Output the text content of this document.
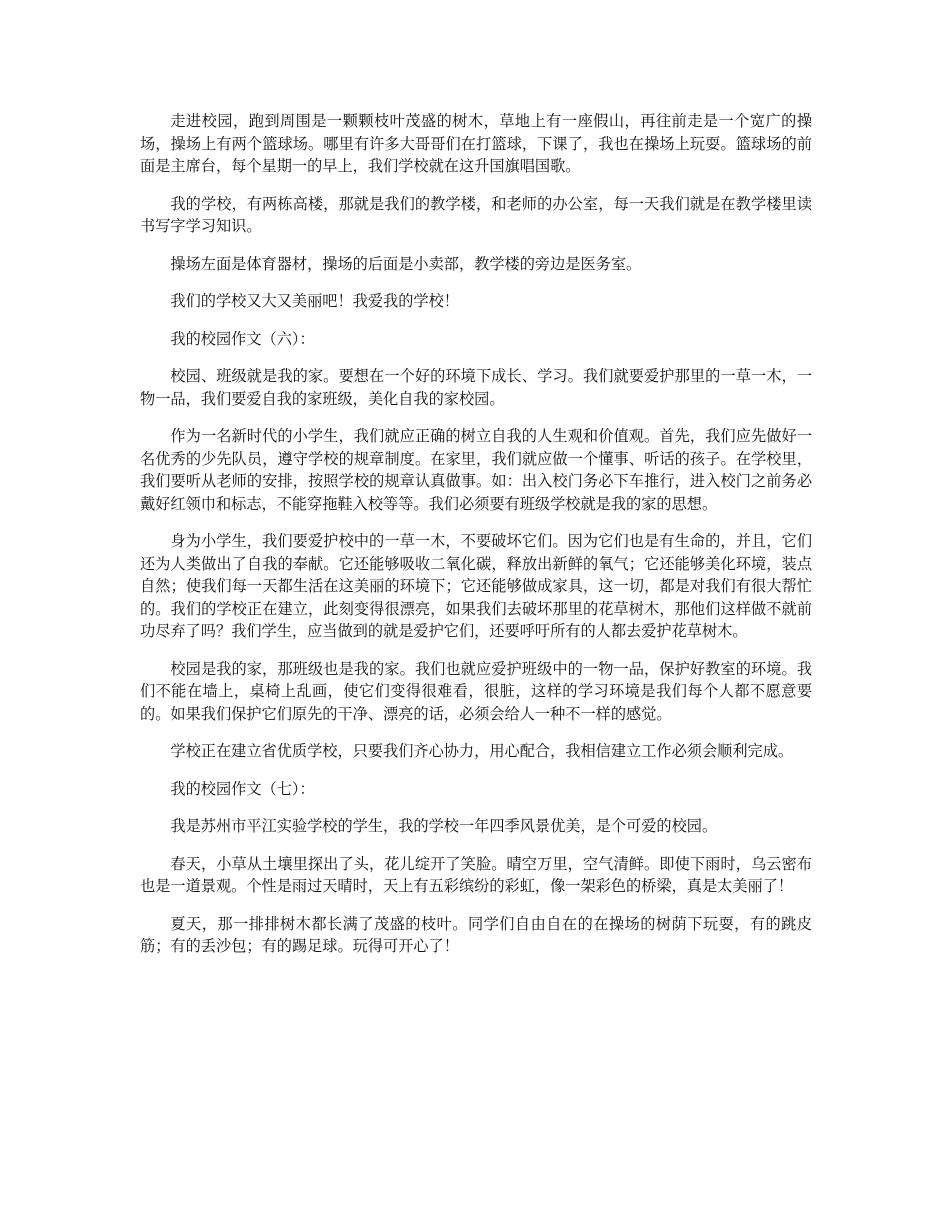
走进校园，跑到周围是一颗颗枝叶茂盛的树木，草地上有一座假山，再往前走是一个宽广的操场，操场上有两个篮球场。哪里有许多大哥哥们在打篮球，下课了，我也在操场上玩耍。篮球场的前面是主席台，每个星期一的早上，我们学校就在这升国旗唱国歌。

我的学校，有两栋高楼，那就是我们的教学楼，和老师的办公室，每一天我们就是在教学楼里读书写字学习知识。

操场左面是体育器材，操场的后面是小卖部，教学楼的旁边是医务室。

我们的学校又大又美丽吧！我爱我的学校！

我的校园作文（六）：

校园、班级就是我的家。要想在一个好的环境下成长、学习。我们就要爱护那里的一草一木，一物一品，我们要爱自我的家班级，美化自我的家校园。

作为一名新时代的小学生，我们就应正确的树立自我的人生观和价值观。首先，我们应先做好一名优秀的少先队员，遵守学校的规章制度。在家里，我们就应做一个懂事、听话的孩子。在学校里，我们要听从老师的安排，按照学校的规章认真做事。如：出入校门务必下车推行，进入校门之前务必戴好红领巾和标志，不能穿拖鞋入校等等。我们必须要有班级学校就是我的家的思想。

身为小学生，我们要爱护校中的一草一木，不要破坏它们。因为它们也是有生命的，并且，它们还为人类做出了自我的奉献。它还能够吸收二氧化碳，释放出新鲜的氧气；它还能够美化环境，装点自然；使我们每一天都生活在这美丽的环境下；它还能够做成家具，这一切，都是对我们有很大帮忙的。我们的学校正在建立，此刻变得很漂亮，如果我们去破坏那里的花草树木，那他们这样做不就前功尽弃了吗？我们学生，应当做到的就是爱护它们，还要呼吁所有的人都去爱护花草树木。

校园是我的家，那班级也是我的家。我们也就应爱护班级中的一物一品，保护好教室的环境。我们不能在墙上，桌椅上乱画，使它们变得很难看，很脏，这样的学习环境是我们每个人都不愿意要的。如果我们保护它们原先的干净、漂亮的话，必须会给人一种不一样的感觉。

学校正在建立省优质学校，只要我们齐心协力，用心配合，我相信建立工作必须会顺利完成。

我的校园作文（七）：

我是苏州市平江实验学校的学生，我的学校一年四季风景优美，是个可爱的校园。

春天，小草从土壤里探出了头，花儿绽开了笑脸。晴空万里，空气清鲜。即使下雨时，乌云密布也是一道景观。个性是雨过天晴时，天上有五彩缤纷的彩虹，像一架彩色的桥梁，真是太美丽了！

夏天，那一排排树木都长满了茂盛的枝叶。同学们自由自在的在操场的树荫下玩耍，有的跳皮筋；有的丢沙包；有的踢足球。玩得可开心了！
